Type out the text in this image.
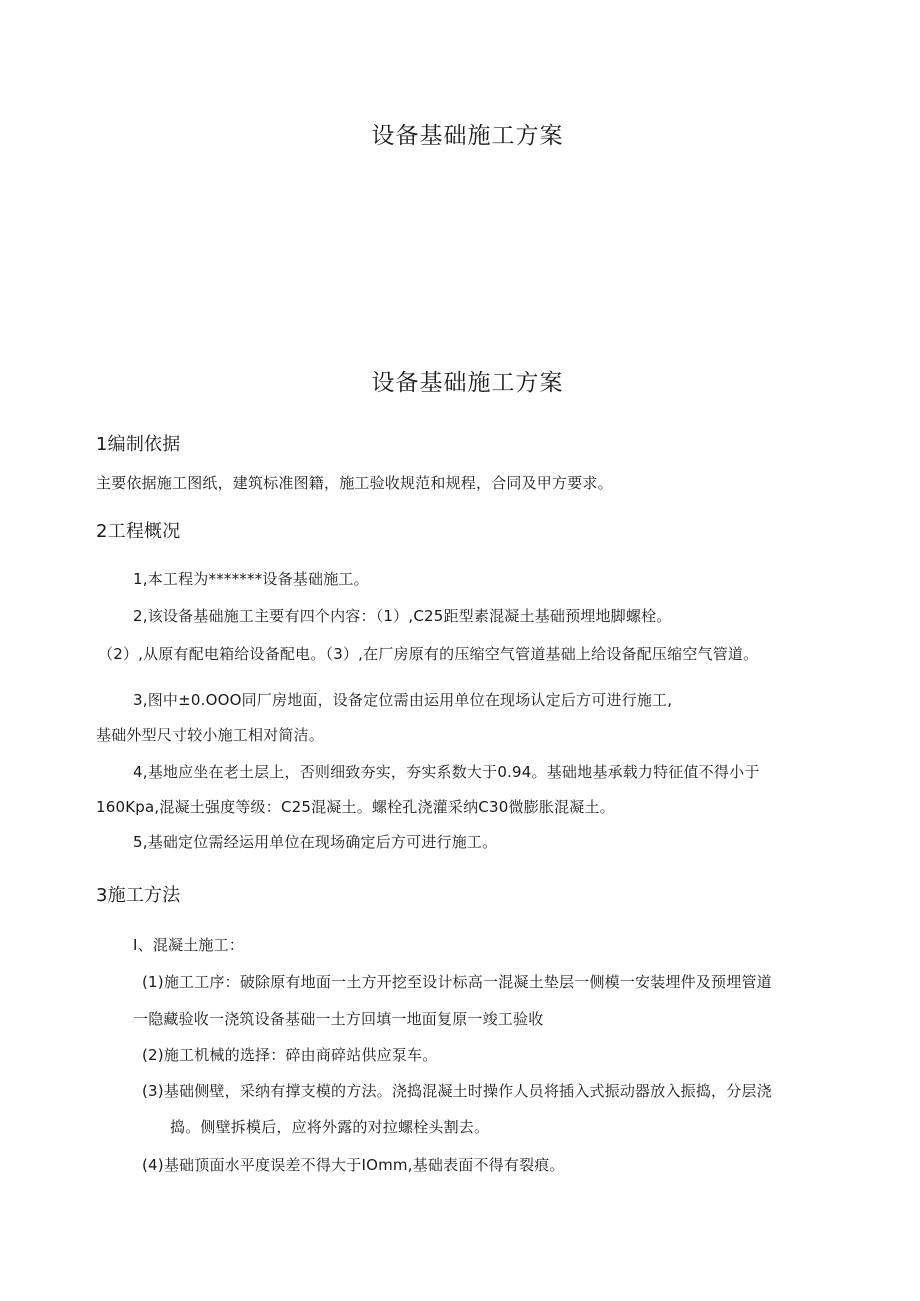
设备基础施工方案
设备基础施工方案
1编制依据
主要依据施工图纸，建筑标准图籍，施工验收规范和规程，合同及甲方要求。
2工程概况
1,本工程为*******设备基础施工。
2,该设备基础施工主要有四个内容：（1）,C25距型素混凝土基础预埋地脚螺栓。
（2）,从原有配电箱给设备配电。（3）,在厂房原有的压缩空气管道基础上给设备配压缩空气管道。
3,图中±0.OOO同厂房地面，设备定位需由运用单位在现场认定后方可进行施工,
基础外型尺寸较小施工相对简洁。
4,基地应坐在老土层上，否则细致夯实，夯实系数大于0.94。基础地基承载力特征值不得小于
160Kpa,混凝土强度等级：C25混凝土。螺栓孔浇灌采纳C30微膨胀混凝土。
5,基础定位需经运用单位在现场确定后方可进行施工。
3施工方法
I、混凝土施工：
(1)施工工序：破除原有地面一土方开挖至设计标高一混凝土垫层一侧模一安装埋件及预埋管道
一隐藏验收一浇筑设备基础一土方回填一地面复原一竣工验收
(2)施工机械的选择：碎由商碎站供应泵车。
(3)基础侧壁，采纳有撑支模的方法。浇捣混凝土时操作人员将插入式振动器放入振捣，分层浇
捣。侧壁拆模后，应将外露的对拉螺栓头割去。
(4)基础顶面水平度误差不得大于IOmm,基础表面不得有裂痕。
